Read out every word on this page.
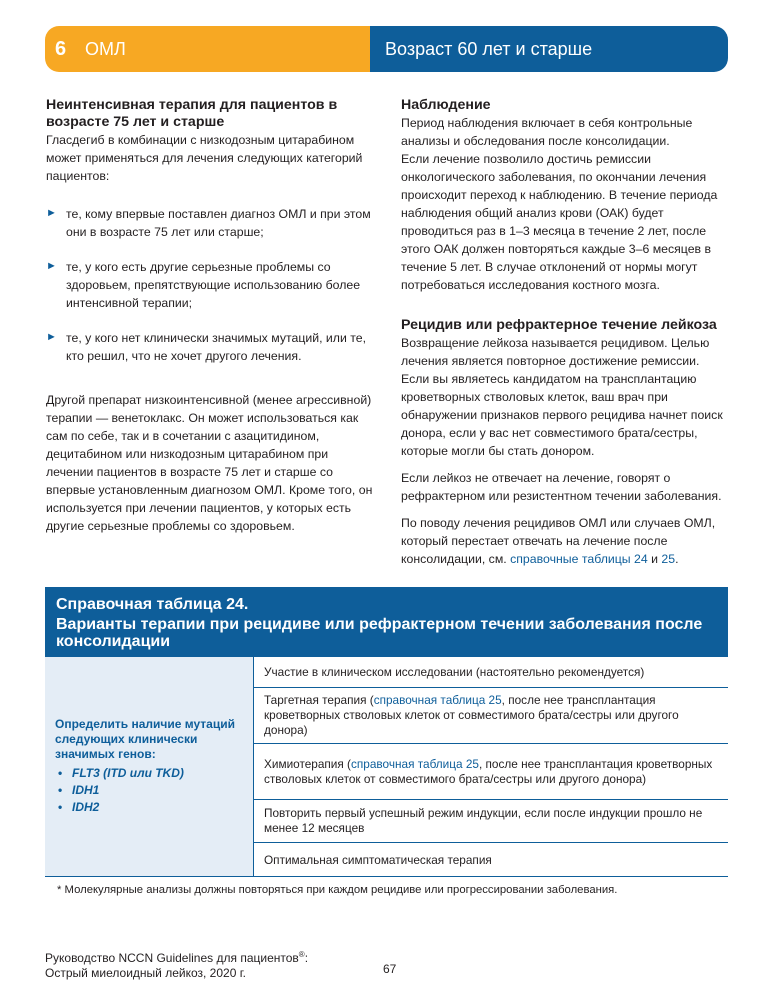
6	ОМЛ	Возраст 60 лет и старше

Неинтенсивная терапия для пациентов в возрасте 75 лет и старше

Гласдегиб в комбинации с низкодозным цитарабином может применяться для лечения следующих категорий пациентов:

► те, кому впервые поставлен диагноз ОМЛ и при этом они в возрасте 75 лет или старше;
► те, у кого есть другие серьезные проблемы со здоровьем, препятствующие использованию более интенсивной терапии;
► те, у кого нет клинически значимых мутаций, или те, кто решил, что не хочет другого лечения.

Другой препарат низкоинтенсивной (менее агрессивной) терапии — венетоклакс. Он может использоваться как сам по себе, так и в сочетании с азацитидином, децитабином или низкодозным цитарабином при лечении пациентов в возрасте 75 лет и старше со впервые установленным диагнозом ОМЛ. Кроме того, он используется при лечении пациентов, у которых есть другие серьезные проблемы со здоровьем.

Наблюдение

Период наблюдения включает в себя контрольные анализы и обследования после консолидации.

Если лечение позволило достичь ремиссии онкологического заболевания, по окончании лечения происходит переход к наблюдению. В течение периода наблюдения общий анализ крови (ОАК) будет проводиться раз в 1–3 месяца в течение 2 лет, после этого ОАК должен повторяться каждые 3–6 месяцев в течение 5 лет. В случае отклонений от нормы могут потребоваться исследования костного мозга.

Рецидив или рефрактерное течение лейкоза

Возвращение лейкоза называется рецидивом. Целью лечения является повторное достижение ремиссии. Если вы являетесь кандидатом на трансплантацию кроветворных стволовых клеток, ваш врач при обнаружении признаков первого рецидива начнет поиск донора, если у вас нет совместимого брата/сестры, которые могли бы стать донором.

Если лейкоз не отвечает на лечение, говорят о рефрактерном или резистентном течении заболевания.

По поводу лечения рецидивов ОМЛ или случаев ОМЛ, который перестает отвечать на лечение после консолидации, см. справочные таблицы 24 и 25.

Справочная таблица 24.
Варианты терапии при рецидиве или рефрактерном течении заболевания после консолидации
Определить наличие мутаций следующих клинически значимых генов:
• FLT3 (ITD или TKD)
• IDH1
• IDH2
Участие в клиническом исследовании (настоятельно рекомендуется)
Таргетная терапия (справочная таблица 25, после нее трансплантация кроветворных стволовых клеток от совместимого брата/сестры или другого донора)
Химиотерапия (справочная таблица 25, после нее трансплантация кроветворных стволовых клеток от совместимого брата/сестры или другого донора)
Повторить первый успешный режим индукции, если после индукции прошло не менее 12 месяцев
Оптимальная симптоматическая терапия
* Молекулярные анализы должны повторяться при каждом рецидиве или прогрессировании заболевания.
Руководство NCCN Guidelines для пациентов®:
Острый миелоидный лейкоз, 2020 г.	67
